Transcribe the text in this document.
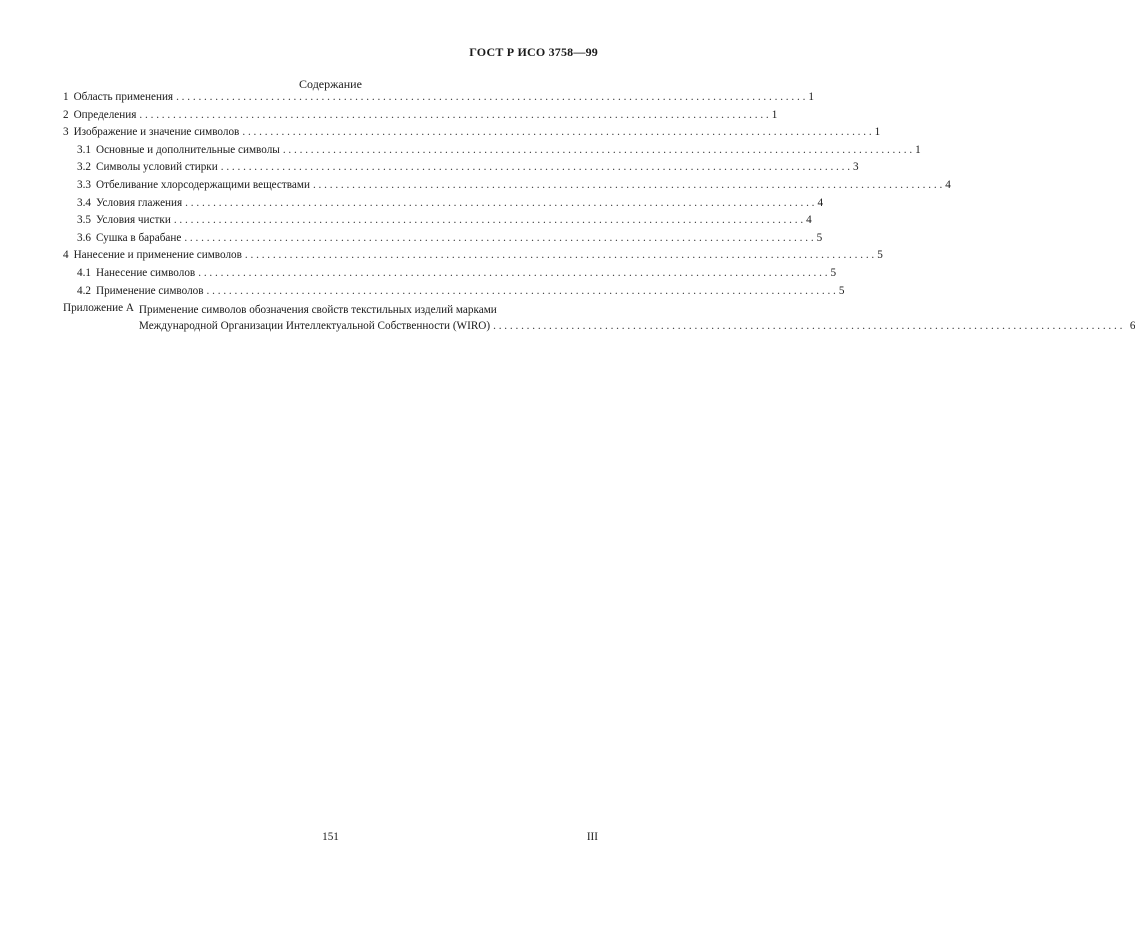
ГОСТ Р ИСО 3758—99
Содержание
1 Область применения . . .	1
2 Определения . . .	1
3 Изображение и значение символов . . .	1
3.1 Основные и дополнительные символы . . .	1
3.2 Символы условий стирки . . .	3
3.3 Отбеливание хлорсодержащими веществами . . .	4
3.4 Условия глажения . . .	4
3.5 Условия чистки . . .	4
3.6 Сушка в барабане . . .	5
4 Нанесение и применение символов . . .	5
4.1 Нанесение символов . . .	5
4.2 Применение символов . . .	5
Приложение А Применение символов обозначения свойств текстильных изделий марками
Международной Организации Интеллектуальной Собственности (WIRO) . . .	6
151	III
